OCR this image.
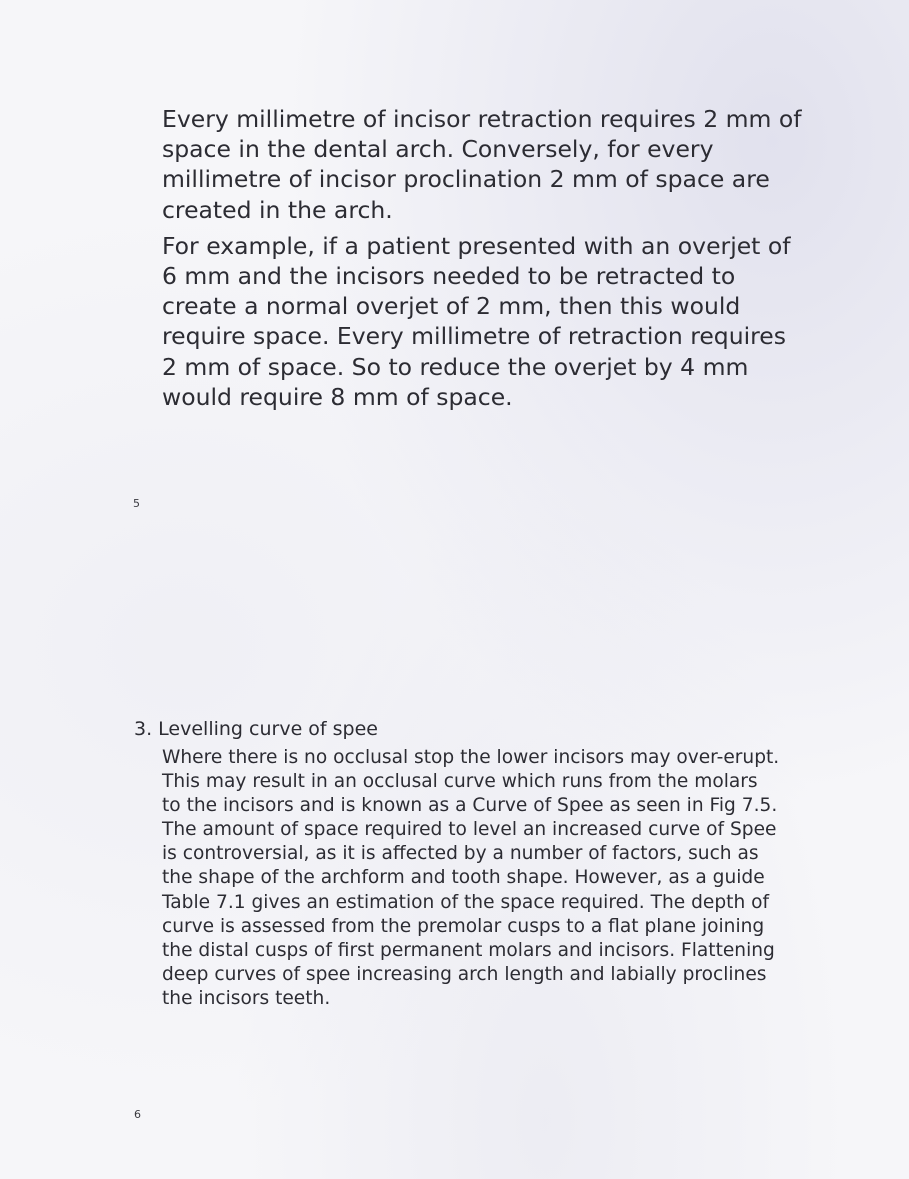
Every millimetre of incisor retraction requires 2 mm of space in the dental arch. Conversely, for every millimetre of incisor proclination 2 mm of space are created in the arch.

For example, if a patient presented with an overjet of 6 mm and the incisors needed to be retracted to create a normal overjet of 2 mm, then this would require space. Every millimetre of retraction requires 2 mm of space. So to reduce the overjet by 4 mm would require 8 mm of space.

5
3. Levelling curve of spee

Where there is no occlusal stop the lower incisors may over-erupt. This may result in an occlusal curve which runs from the molars to the incisors and is known as a Curve of Spee as seen in Fig 7.5. The amount of space required to level an increased curve of Spee is controversial, as it is affected by a number of factors, such as the shape of the archform and tooth shape. However, as a guide Table 7.1 gives an estimation of the space required. The depth of curve is assessed from the premolar cusps to a flat plane joining the distal cusps of first permanent molars and incisors. Flattening deep curves of spee increasing arch length and labially proclines the incisors teeth.

6
